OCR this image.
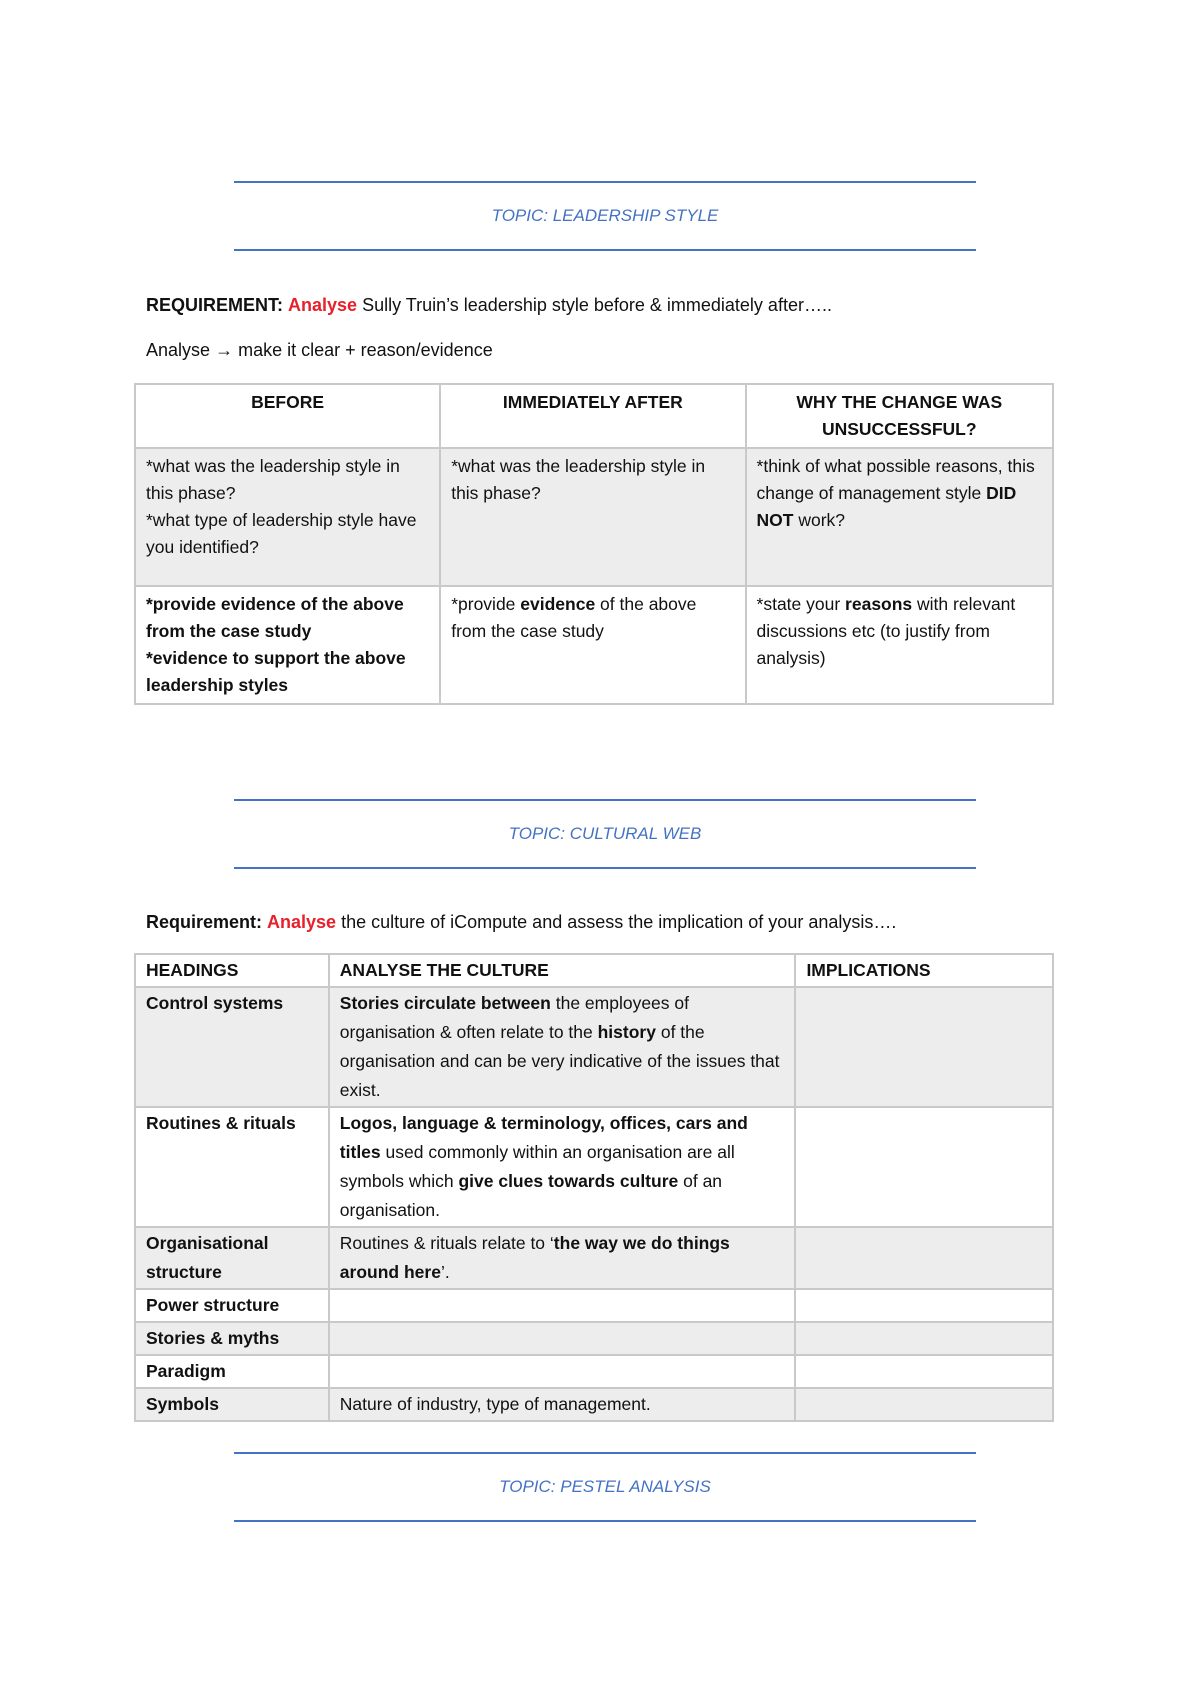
TOPIC: LEADERSHIP STYLE
REQUIREMENT: Analyse Sully Truin’s leadership style before & immediately after…..
Analyse → make it clear + reason/evidence
BEFORE	IMMEDIATELY AFTER	WHY THE CHANGE WAS UNSUCCESSFUL?

*what was the leadership style in this phase?
*what type of leadership style have you identified?	*what was the leadership style in this phase?	*think of what possible reasons, this change of management style DID NOT work?

*provide evidence of the above from the case study
*evidence to support the above leadership styles	*provide evidence of the above from the case study	*state your reasons with relevant discussions etc (to justify from analysis)
TOPIC: CULTURAL WEB
Requirement: Analyse the culture of iCompute and assess the implication of your analysis….
HEADINGS	ANALYSE THE CULTURE	IMPLICATIONS
Control systems	Stories circulate between the employees of organisation & often relate to the history of the organisation and can be very indicative of the issues that exist.	
Routines & rituals	Logos, language & terminology, offices, cars and titles used commonly within an organisation are all symbols which give clues towards culture of an organisation.	
Organisational structure	Routines & rituals relate to ‘the way we do things around here’.	
Power structure		
Stories & myths		
Paradigm		
Symbols	Nature of industry, type of management.	
TOPIC: PESTEL ANALYSIS
